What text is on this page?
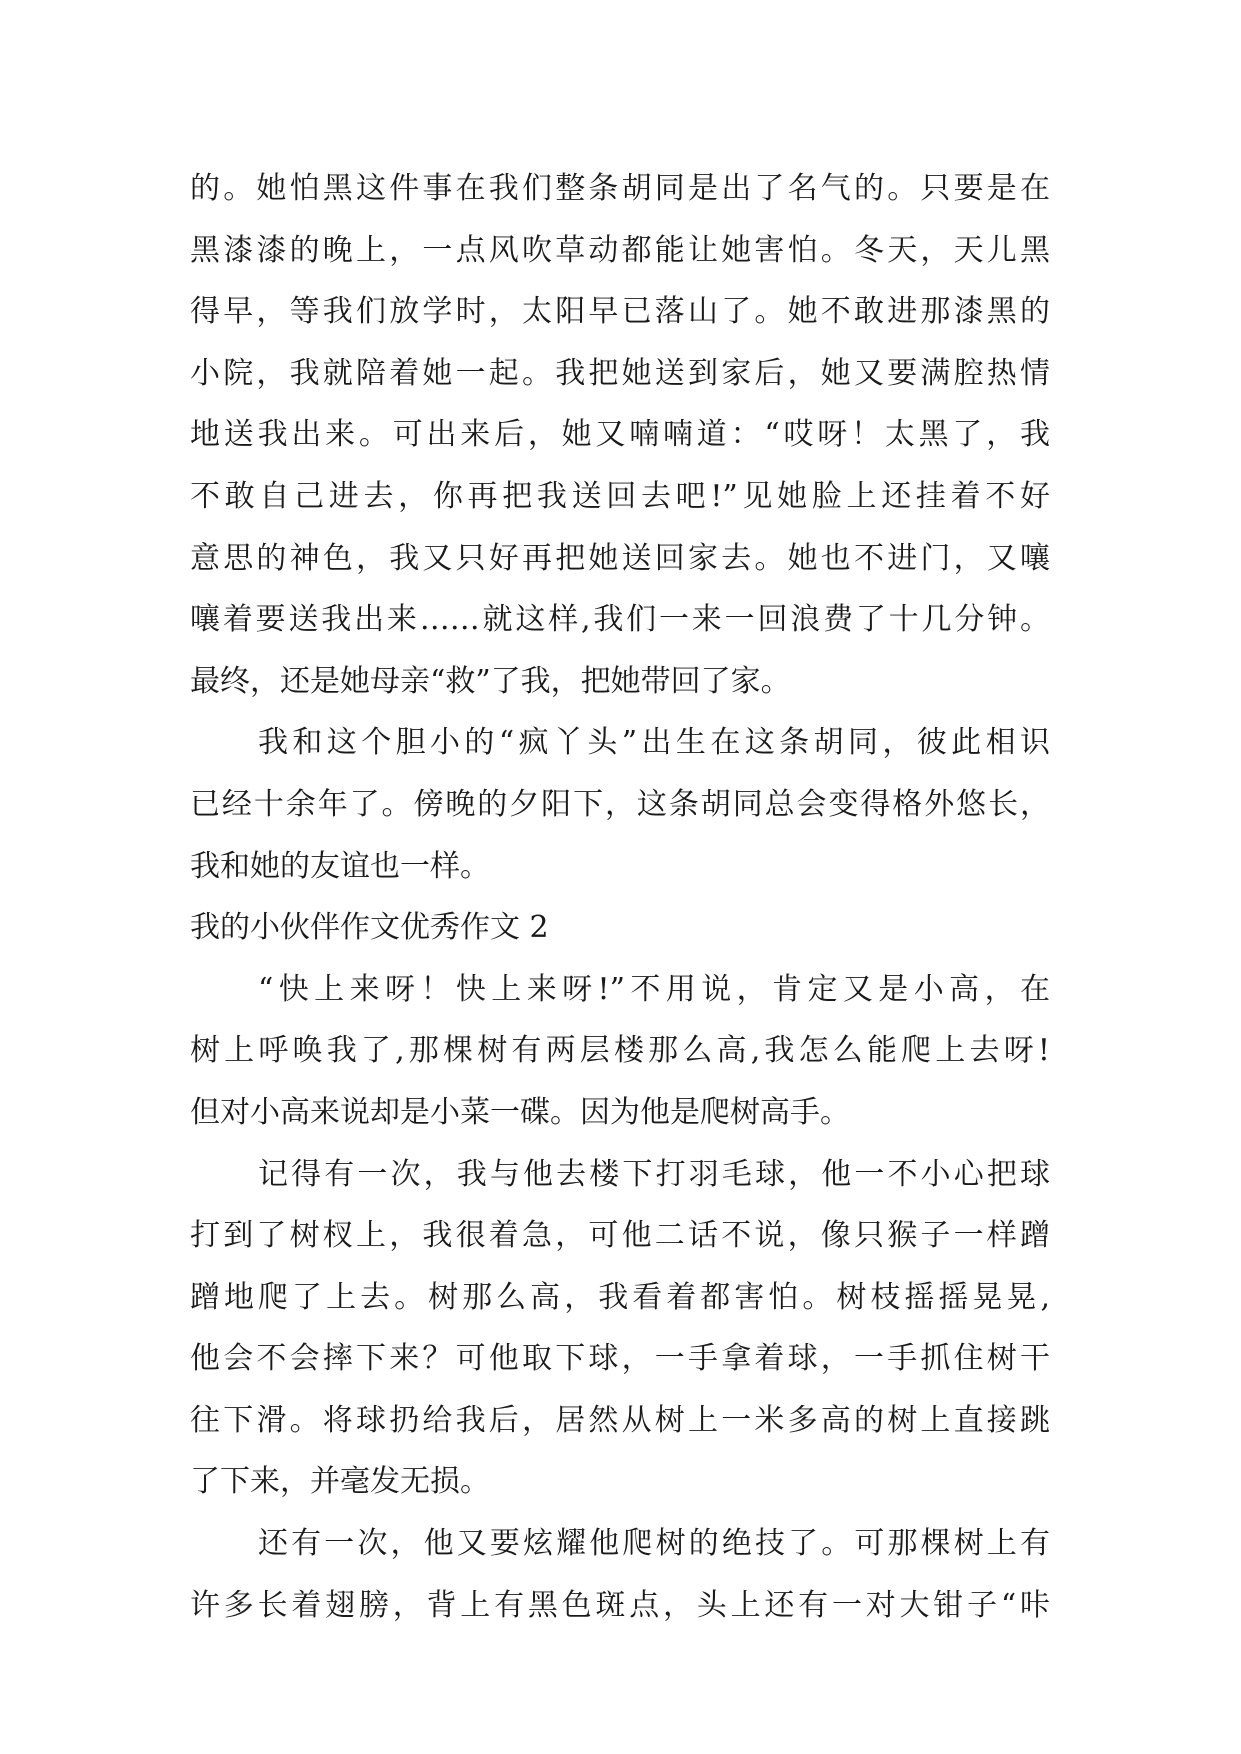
的。她怕黑这件事在我们整条胡同是出了名气的。只要是在
黑漆漆的晚上，一点风吹草动都能让她害怕。冬天，天儿黑
得早，等我们放学时，太阳早已落山了。她不敢进那漆黑的
小院，我就陪着她一起。我把她送到家后，她又要满腔热情
地送我出来。可出来后，她又喃喃道：“哎呀！太黑了，我
不敢自己进去，你再把我送回去吧!”见她脸上还挂着不好
意思的神色，我又只好再把她送回家去。她也不进门，又嚷
嚷着要送我出来……就这样,我们一来一回浪费了十几分钟。
最终，还是她母亲“救”了我，把她带回了家。
我和这个胆小的“疯丫头”出生在这条胡同，彼此相识
已经十余年了。傍晚的夕阳下，这条胡同总会变得格外悠长，
我和她的友谊也一样。
我的小伙伴作文优秀作文 2
“快上来呀！快上来呀!”不用说，肯定又是小高，在
树上呼唤我了,那棵树有两层楼那么高,我怎么能爬上去呀!
但对小高来说却是小菜一碟。因为他是爬树高手。
记得有一次，我与他去楼下打羽毛球，他一不小心把球
打到了树杈上，我很着急，可他二话不说，像只猴子一样蹭
蹭地爬了上去。树那么高，我看着都害怕。树枝摇摇晃晃,
他会不会摔下来？可他取下球，一手拿着球，一手抓住树干
往下滑。将球扔给我后，居然从树上一米多高的树上直接跳
了下来，并毫发无损。
还有一次，他又要炫耀他爬树的绝技了。可那棵树上有
许多长着翅膀，背上有黑色斑点，头上还有一对大钳子“咔
